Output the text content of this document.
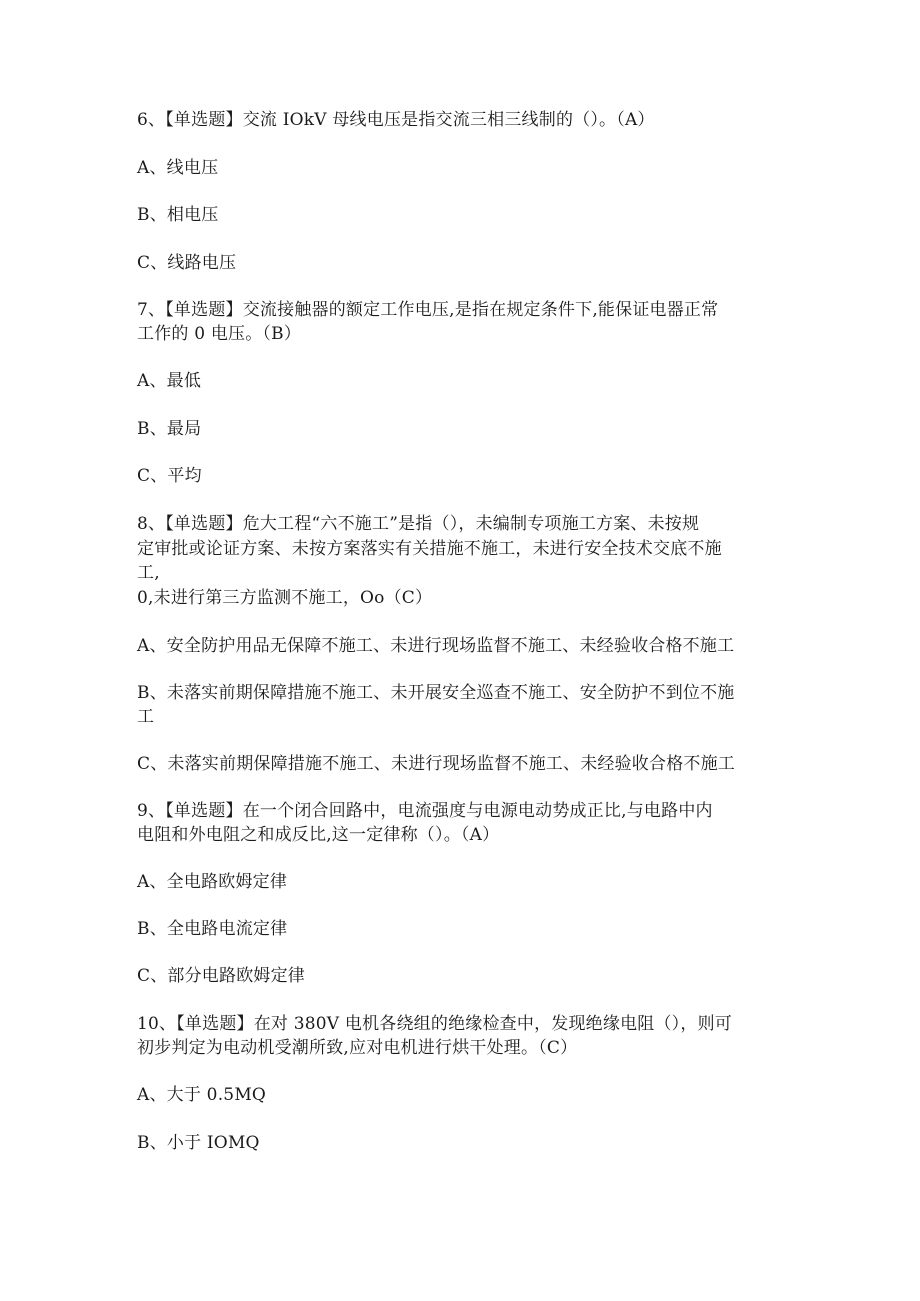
6、【单选题】交流 IOkV 母线电压是指交流三相三线制的（）。（A）
A、线电压
B、相电压
C、线路电压
7、【单选题】交流接触器的额定工作电压,是指在规定条件下,能保证电器正常
工作的 0 电压。（B）
A、最低
B、最局
C、平均
8、【单选题】危大工程“六不施工”是指（），未编制专项施工方案、未按规
定审批或论证方案、未按方案落实有关措施不施工，未进行安全技术交底不施
工,
0,未进行第三方监测不施工，Oo（C）
A、安全防护用品无保障不施工、未进行现场监督不施工、未经验收合格不施工
B、未落实前期保障措施不施工、未开展安全巡查不施工、安全防护不到位不施
工
C、未落实前期保障措施不施工、未进行现场监督不施工、未经验收合格不施工
9、【单选题】在一个闭合回路中，电流强度与电源电动势成正比,与电路中内
电阻和外电阻之和成反比,这一定律称（）。（A）
A、全电路欧姆定律
B、全电路电流定律
C、部分电路欧姆定律
10、【单选题】在对 380V 电机各绕组的绝缘检查中，发现绝缘电阻（），则可
初步判定为电动机受潮所致,应对电机进行烘干处理。（C）
A、大于 0.5MQ
B、小于 IOMQ
